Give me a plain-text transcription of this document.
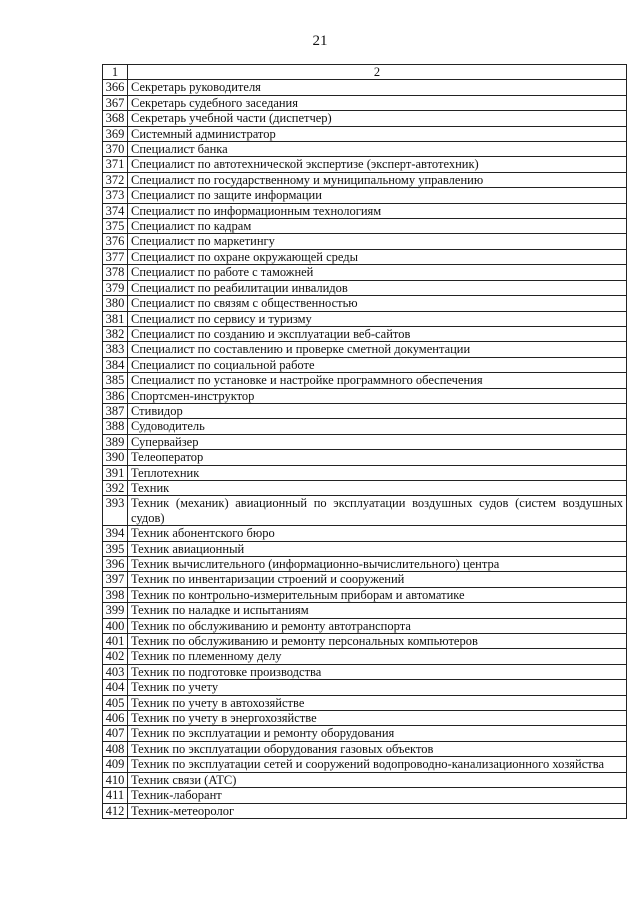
21
1	2
366	Секретарь руководителя
367	Секретарь судебного заседания
368	Секретарь учебной части (диспетчер)
369	Системный администратор
370	Специалист банка
371	Специалист по автотехнической экспертизе (эксперт-автотехник)
372	Специалист по государственному и муниципальному управлению
373	Специалист по защите информации
374	Специалист по информационным технологиям
375	Специалист по кадрам
376	Специалист по маркетингу
377	Специалист по охране окружающей среды
378	Специалист по работе с таможней
379	Специалист по реабилитации инвалидов
380	Специалист по связям с общественностью
381	Специалист по сервису и туризму
382	Специалист по созданию и эксплуатации веб-сайтов
383	Специалист по составлению и проверке сметной документации
384	Специалист по социальной работе
385	Специалист по установке и настройке программного обеспечения
386	Спортсмен-инструктор
387	Стивидор
388	Судоводитель
389	Супервайзер
390	Телеоператор
391	Теплотехник
392	Техник
393	Техник (механик) авиационный по эксплуатации воздушных судов (систем воздушных судов)
394	Техник абонентского бюро
395	Техник авиационный
396	Техник вычислительного (информационно-вычислительного) центра
397	Техник по инвентаризации строений и сооружений
398	Техник по контрольно-измерительным приборам и автоматике
399	Техник по наладке и испытаниям
400	Техник по обслуживанию и ремонту автотранспорта
401	Техник по обслуживанию и ремонту персональных компьютеров
402	Техник по племенному делу
403	Техник по подготовке производства
404	Техник по учету
405	Техник по учету в автохозяйстве
406	Техник по учету в энергохозяйстве
407	Техник по эксплуатации и ремонту оборудования
408	Техник по эксплуатации оборудования газовых объектов
409	Техник по эксплуатации сетей и сооружений водопроводно-канализационного хозяйства
410	Техник связи (АТС)
411	Техник-лаборант
412	Техник-метеоролог
